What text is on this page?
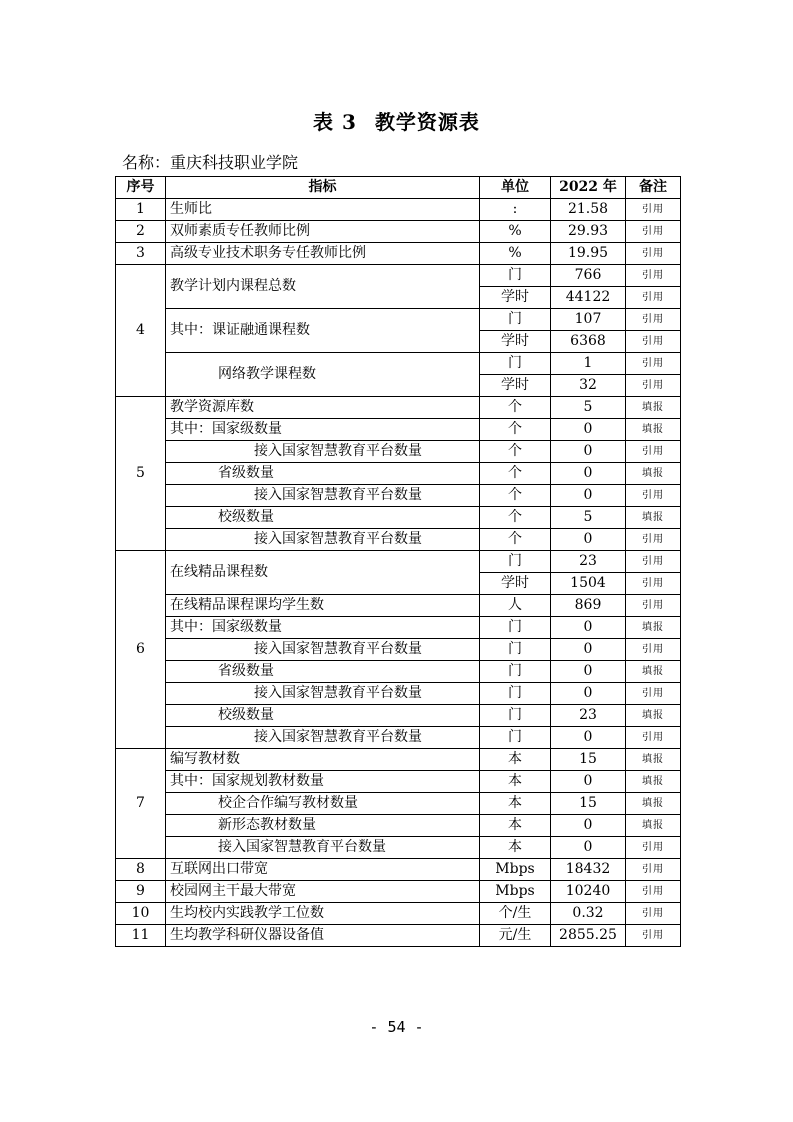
表 3 教学资源表
名称：重庆科技职业学院
序号	指标	单位	2022 年	备注
1	生师比	:	21.58	引用
2	双师素质专任教师比例	%	29.93	引用
3	高级专业技术职务专任教师比例	%	19.95	引用
4	教学计划内课程总数	门	766	引用
		学时	44122	引用
	其中：课证融通课程数	门	107	引用
		学时	6368	引用
	网络教学课程数	门	1	引用
		学时	32	引用
5	教学资源库数	个	5	填报
	其中：国家级数量	个	0	填报
	接入国家智慧教育平台数量	个	0	引用
	省级数量	个	0	填报
	接入国家智慧教育平台数量	个	0	引用
	校级数量	个	5	填报
	接入国家智慧教育平台数量	个	0	引用
6	在线精品课程数	门	23	引用
		学时	1504	引用
	在线精品课程课均学生数	人	869	引用
	其中：国家级数量	门	0	填报
	接入国家智慧教育平台数量	门	0	引用
	省级数量	门	0	填报
	接入国家智慧教育平台数量	门	0	引用
	校级数量	门	23	填报
	接入国家智慧教育平台数量	门	0	引用
7	编写教材数	本	15	填报
	其中：国家规划教材数量	本	0	填报
	校企合作编写教材数量	本	15	填报
	新形态教材数量	本	0	填报
	接入国家智慧教育平台数量	本	0	引用
8	互联网出口带宽	Mbps	18432	引用
9	校园网主干最大带宽	Mbps	10240	引用
10	生均校内实践教学工位数	个/生	0.32	引用
11	生均教学科研仪器设备值	元/生	2855.25	引用
- 54 -
